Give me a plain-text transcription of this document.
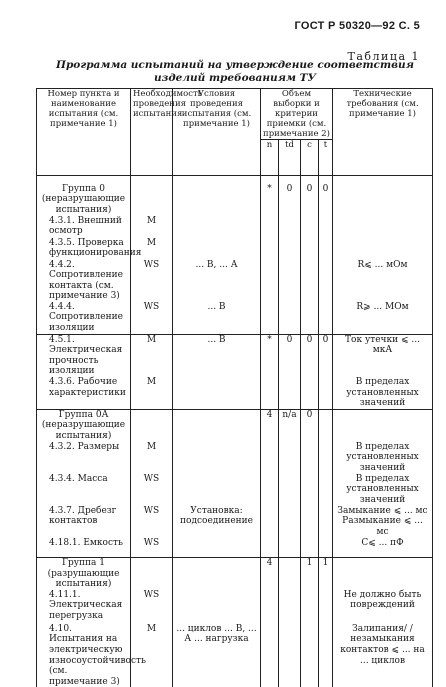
ГОСТ Р 50320—92 С. 5
Таблица 1
Программа испытаний на утверждение соответствия изделий требованиям ТУ
Номер пункта и наименование испытания (см. примечание 1)	Необходимость проведения испытания	Условия проведения испытания (см. примечание 1)	Объем выборки и критерии приемки (см. примечание 2)				Технические требования (см. примечание 1)
			n	td	c	t	

Группа 0 (неразрушающие испытания)			*	0	0	0	
4.3.1. Внешний осмотр	М						
4.3.5. Проверка функционирования	М						
4.4.2. Сопротивление контакта (см. примечание 3)	WS	... В, ... А					R⩽ ... мОм
4.4.4. Сопротивление изоляции	WS	... В					R⩾ ... МОм
4.5.1. Электрическая прочность изоляции	М	... В	*	0	0	0	Ток утечки ⩽ ... мкА
4.3.6. Рабочие характеристики	М						В пределах установленных значений
Группа 0А (неразрушающие испытания)			4	n/a	0		
4.3.2. Размеры	М						В пределах установленных значений
4.3.4. Масса	WS						В пределах установленных значений
4.3.7. Дребезг контактов	WS	Установка: подсоединение					Замыкание ⩽ ... мс Размыкание ⩽ ... мс
4.18.1. Емкость	WS						C⩽ ... пФ
Группа 1 (разрушающие испытания)			4		1	1	
4.11.1. Электрическая перегрузка	WS						Не должно быть повреждений
4.10. Испытания на электрическую износоустойчивость (см. примечание 3)	М	... циклов ... В, ... А ... нагрузка					Залипания/ /незамыкания контактов ⩽ ... на ... циклов
